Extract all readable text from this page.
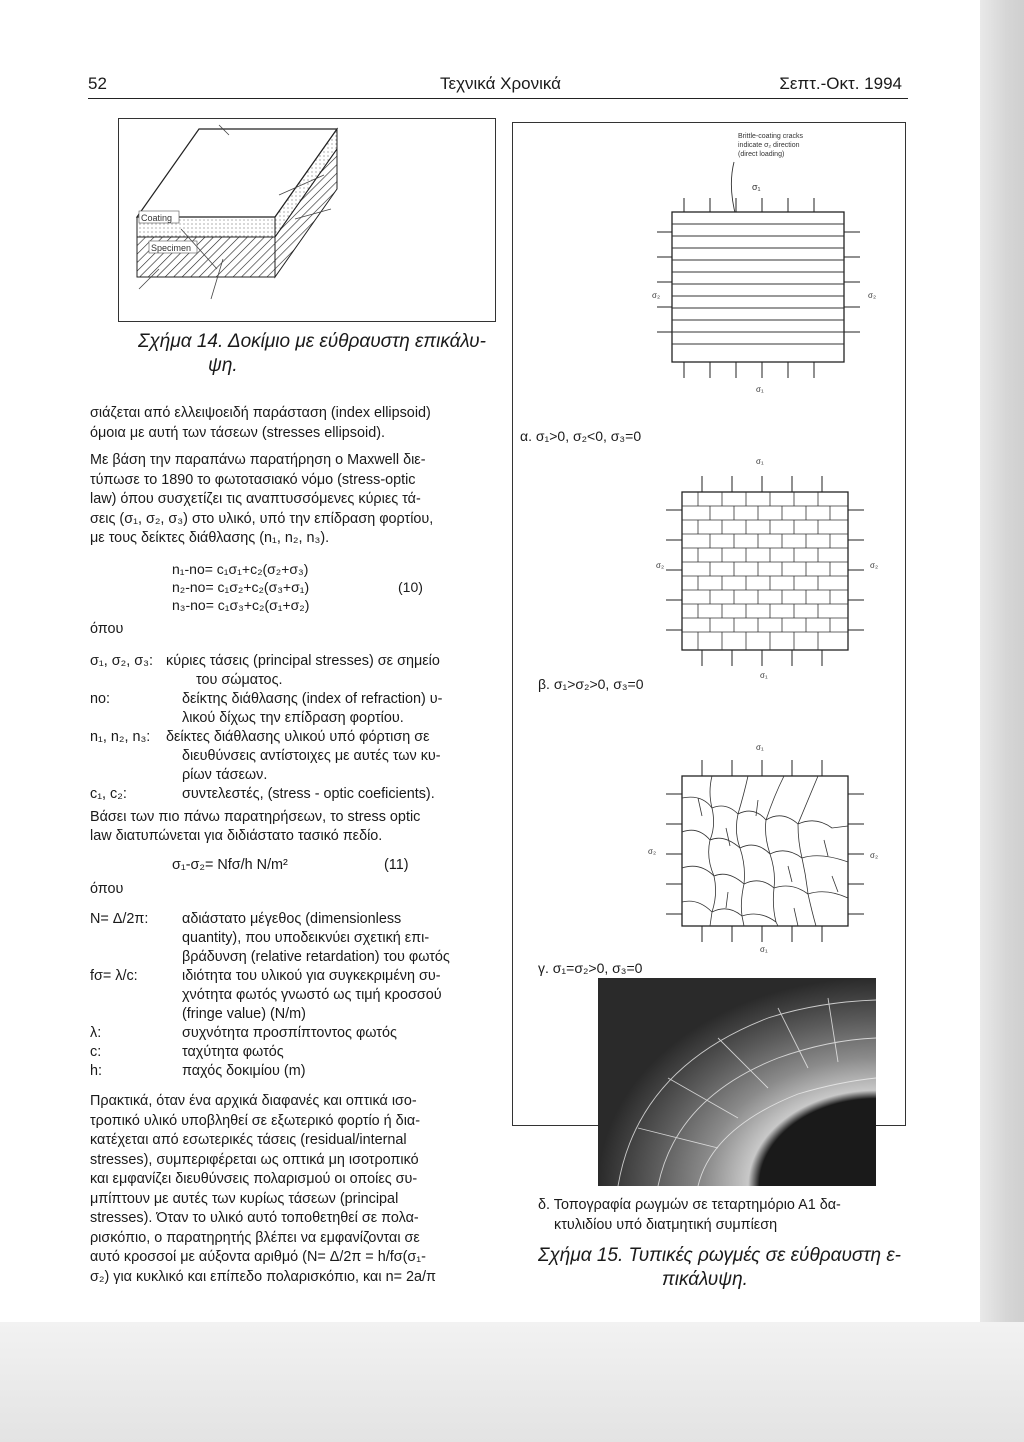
52	Τεχνικά Χρονικά	Σεπτ.-Οκτ. 1994
Coating
Specimen
Σχήμα 14. Δοκίμιο με εύθραυστη επικάλυ-
ψη.

σιάζεται από ελλειψοειδή παράσταση (index ellipsoid)

όμοια με αυτή των τάσεων (stresses ellipsoid).

Με βάση την παραπάνω παρατήρηση ο Maxwell διε-

τύπωσε το 1890 το φωτοτασιακό νόμο (stress-optic

law) όπου συσχετίζει τις αναπτυσσόμενες κύριες τά-

σεις (σ₁, σ₂, σ₃) στο υλικό, υπό την επίδραση φορτίου,

με τους δείκτες διάθλασης (n₁, n₂, n₃).

n₁-no= c₁σ₁+c₂(σ₂+σ₃)
n₂-no= c₁σ₂+c₂(σ₃+σ₁)
n₃-no= c₁σ₃+c₂(σ₁+σ₂)
(10)
όπου
σ₁, σ₂, σ₃: κύριες τάσεις (principal stresses) σε σημείο
του σώματος.
no:	δείκτης διάθλασης (index of refraction) υ-
λικού δίχως την επίδραση φορτίου.
n₁, n₂, n₃: δείκτες διάθλασης υλικού υπό φόρτιση σε
διευθύνσεις αντίστοιχες με αυτές των κυ-
ρίων τάσεων.
c₁, c₂:	συντελεστές, (stress - optic coeficients).
Βάσει των πιο πάνω παρατηρήσεων, το stress optic
law διατυπώνεται για διδιάστατο τασικό πεδίο.
σ₁-σ₂= Nfσ/h N/m²	(11)
όπου
N= Δ/2π: αδιάστατο μέγεθος (dimensionless
quantity), που υποδεικνύει σχετική επι-
βράδυνση (relative retardation) του φωτός
fσ= λ/c:	ιδιότητα του υλικού για συγκεκριμένη συ-
χνότητα φωτός γνωστό ως τιμή κροσσού
(fringe value) (N/m)
λ:	συχνότητα προσπίπτοντος φωτός
c:	ταχύτητα φωτός
h:	παχός δοκιμίου (m)

Πρακτικά, όταν ένα αρχικά διαφανές και οπτικά ισο-

τροπικό υλικό υποβληθεί σε εξωτερικό φορτίο ή δια-

κατέχεται από εσωτερικές τάσεις (residual/internal

stresses), συμπεριφέρεται ως οπτικά μη ισοτροπικό

και εμφανίζει διευθύνσεις πολαρισμού οι οποίες συ-

μπίπτουν με αυτές των κυρίως τάσεων (principal

stresses). Όταν το υλικό αυτό τοποθετηθεί σε πολα-

ρισκόπιο, ο παρατηρητής βλέπει να εμφανίζονται σε

αυτό κροσσοί με αύξοντα αριθμό (N= Δ/2π = h/fσ(σ₁-

σ₂) για κυκλικό και επίπεδο πολαρισκόπιο, και n= 2a/π

Brittle-coating cracks
indicate σ₂ direction
(direct loading)
σ₁
σ₂	σ₂
σ₁
α. σ₁>0, σ₂<0, σ₃=0
σ₁
σ₂	σ₂
σ₁
β. σ₁>σ₂>0, σ₃=0
σ₁
σ₂	σ₂
σ₁
γ. σ₁=σ₂>0, σ₃=0
δ. Τοπογραφία ρωγμών σε τεταρτημόριο Α1 δα-
κτυλιδίου υπό διατμητική συμπίεση
Σχήμα 15. Τυπικές ρωγμές σε εύθραυστη ε-
πικάλυψη.
